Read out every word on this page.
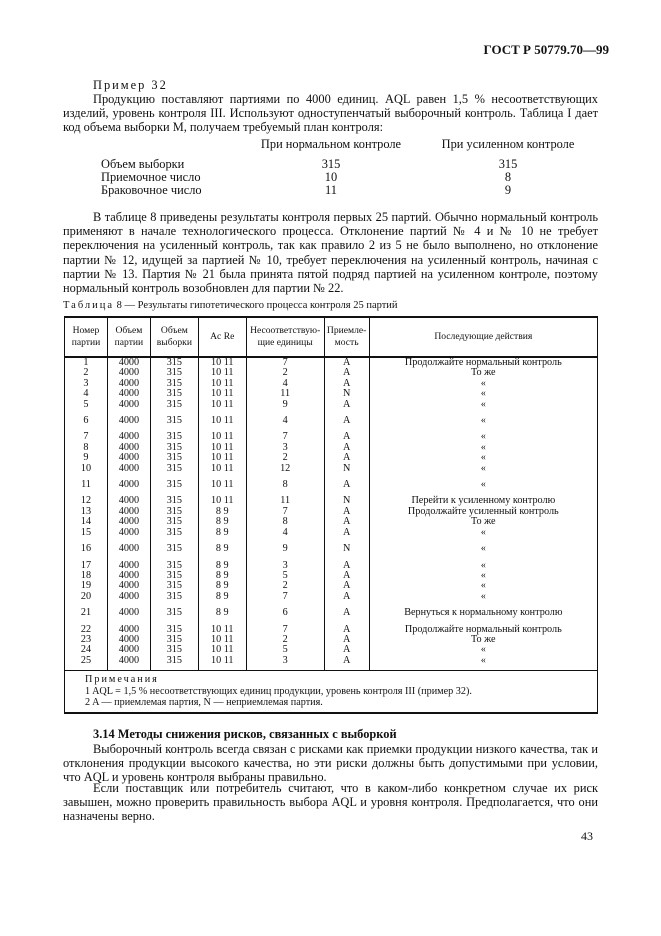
ГОСТ Р 50779.70—99
Пример 32
Продукцию поставляют партиями по 4000 единиц. AQL равен 1,5 % несоответствующих изделий, уровень контроля III. Используют одноступенчатый выборочный контроль. Таблица I дает код объема выборки M, получаем требуемый план контроля:
При нормальном контроле	При усиленном контроле
Объем выборки	315	315
Приемочное число	10	8
Браковочное число	11	9
В таблице 8 приведены результаты контроля первых 25 партий. Обычно нормальный контроль применяют в начале технологического процесса. Отклонение партий № 4 и № 10 не требует переключения на усиленный контроль, так как правило 2 из 5 не было выполнено, но отклонение партии № 12, идущей за партией № 10, требует переключения на усиленный контроль, начиная с партии № 13. Партия № 21 была принята пятой подряд партией на усиленном контроле, поэтому нормальный контроль возобновлен для партии № 22.
Таблица 8 — Результаты гипотетического процесса контроля 25 партий
Номер партии	Объем партии	Объем выборки	Ac Re	Несоответствую-щие единицы	Приемле-мость	Последующие действия
1	4000	315	10 11	7	A	Продолжайте нормальный контроль
2	4000	315	10 11	2	A	То же
3	4000	315	10 11	4	A	«
4	4000	315	10 11	11	N	«
5	4000	315	10 11	9	A	«
6	4000	315	10 11	4	A	«
7	4000	315	10 11	7	A	«
8	4000	315	10 11	3	A	«
9	4000	315	10 11	2	A	«
10	4000	315	10 11	12	N	«
11	4000	315	10 11	8	A	«
12	4000	315	10 11	11	N	Перейти к усиленному контролю
13	4000	315	8 9	7	A	Продолжайте усиленный контроль
14	4000	315	8 9	8	A	То же
15	4000	315	8 9	4	A	«
16	4000	315	8 9	9	N	«
17	4000	315	8 9	3	A	«
18	4000	315	8 9	5	A	«
19	4000	315	8 9	2	A	«
20	4000	315	8 9	7	A	«
21	4000	315	8 9	6	A	Вернуться к нормальному контролю
22	4000	315	10 11	7	A	Продолжайте нормальный контроль
23	4000	315	10 11	2	A	То же
24	4000	315	10 11	5	A	«
25	4000	315	10 11	3	A	«

Примечания
1 AQL = 1,5 % несоответствующих единиц продукции, уровень контроля III (пример 32).
2 A — приемлемая партия, N — неприемлемая партия.						
3.14 Методы снижения рисков, связанных с выборкой
Выборочный контроль всегда связан с рисками как приемки продукции низкого качества, так и отклонения продукции высокого качества, но эти риски должны быть допустимыми при условии, что AQL и уровень контроля выбраны правильно.
Если поставщик или потребитель считают, что в каком-либо конкретном случае их риск завышен, можно проверить правильность выбора AQL и уровня контроля. Предполагается, что они назначены верно.
43
